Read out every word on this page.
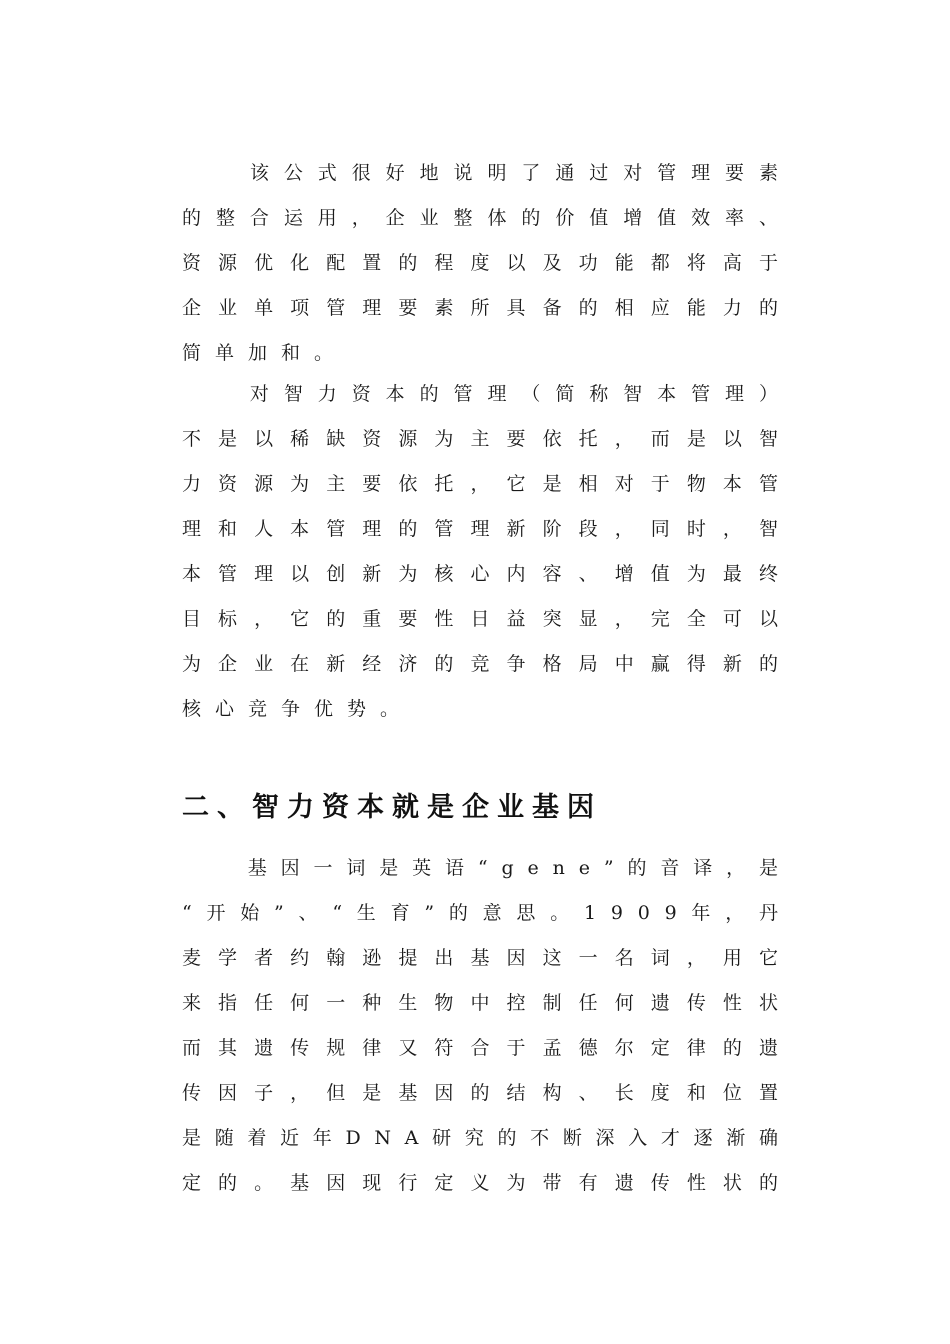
　　该公式很好地说明了通过对管理要素
的整合运用，企业整体的价值增值效率、
资源优化配置的程度以及功能都将高于
企业单项管理要素所具备的相应能力的
简单加和。
　　对智力资本的管理（简称智本管理）
不是以稀缺资源为主要依托，而是以智
力资源为主要依托，它是相对于物本管
理和人本管理的管理新阶段，同时，智
本管理以创新为核心内容、增值为最终
目标，它的重要性日益突显，完全可以
为企业在新经济的竞争格局中赢得新的
核心竞争优势。
二、智力资本就是企业基因
　　基因一词是英语“gene”的音译，是
“开始”、“生育”的意思。1909年，丹
麦学者约翰逊提出基因这一名词，用它
来指任何一种生物中控制任何遗传性状
而其遗传规律又符合于孟德尔定律的遗
传因子，但是基因的结构、长度和位置
是随着近年DNA研究的不断深入才逐渐确
定的。基因现行定义为带有遗传性状的
